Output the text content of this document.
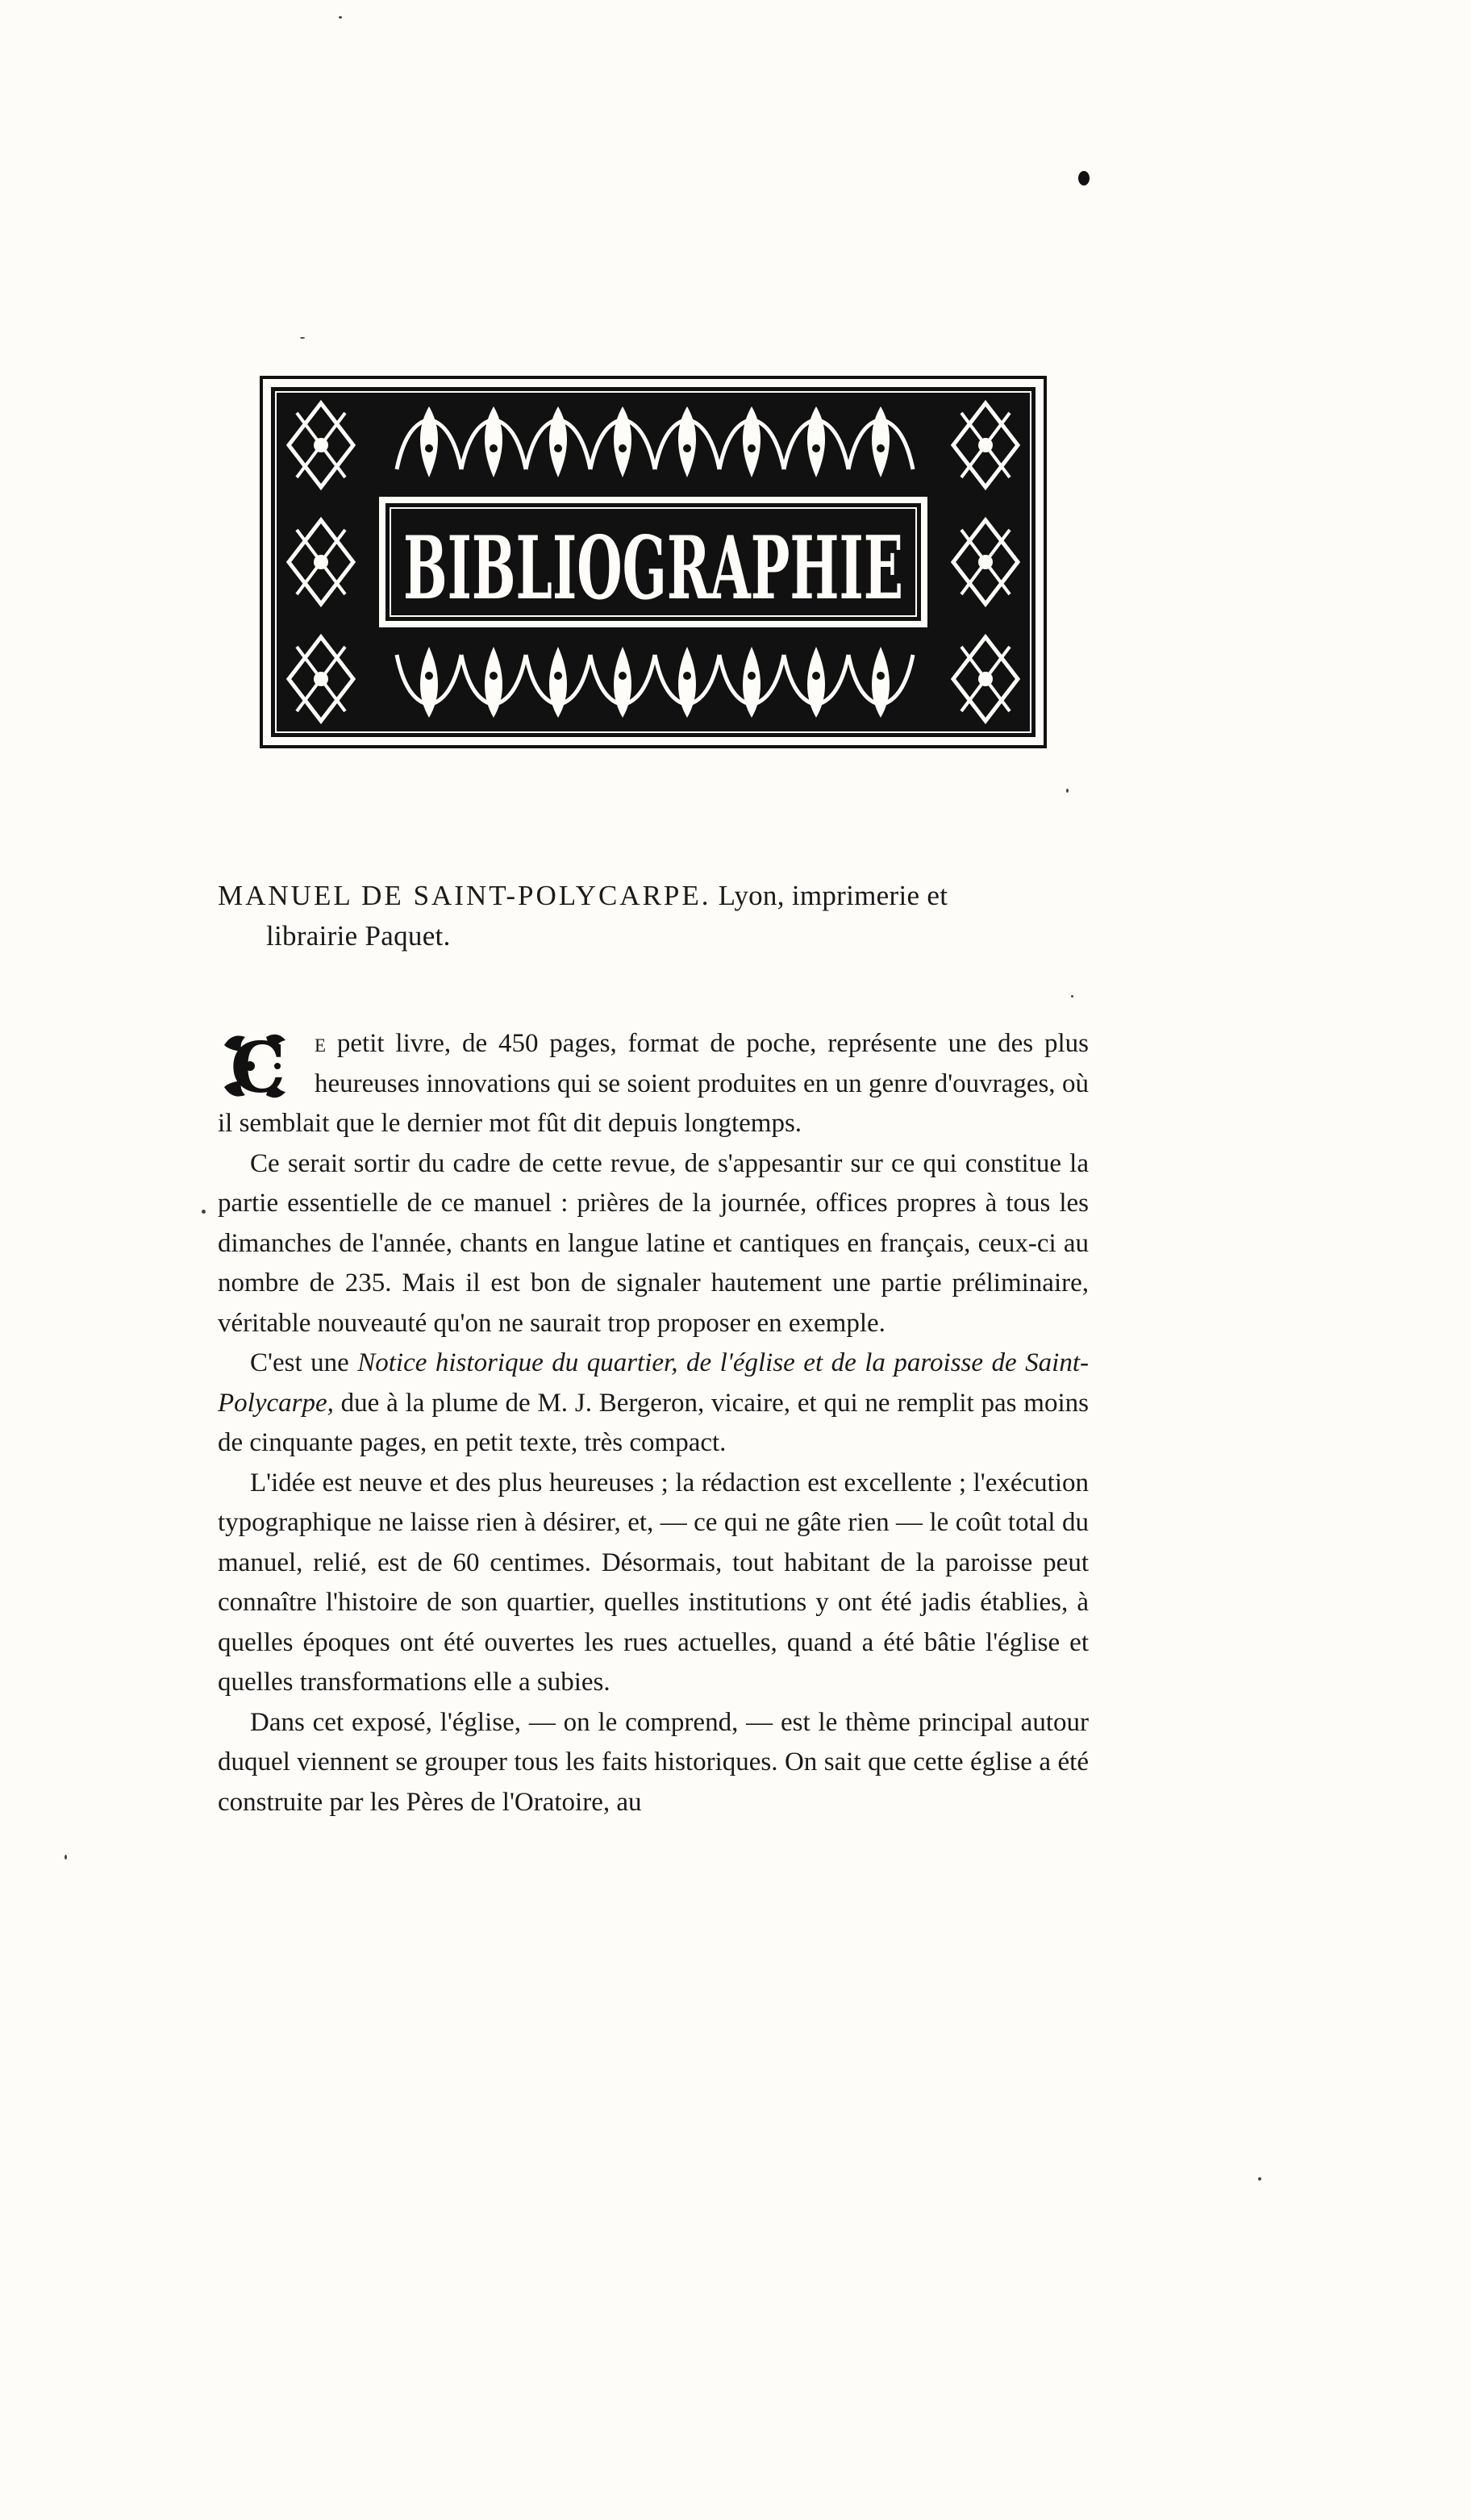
BIBLIOGRAPHIE
MANUEL DE SAINT-POLYCARPE. Lyon, imprimerie et
librairie Paquet.

C e petit livre, de 450 pages, format de poche, représente une des plus heureuses innovations qui se soient produites en un genre d'ouvrages, où il semblait que le dernier mot fût dit depuis longtemps.

Ce serait sortir du cadre de cette revue, de s'appesantir sur ce qui constitue la partie essentielle de ce manuel : prières de la journée, offices propres à tous les dimanches de l'année, chants en langue latine et cantiques en français, ceux-ci au nombre de 235. Mais il est bon de signaler hautement une partie préliminaire, véritable nouveauté qu'on ne saurait trop proposer en exemple.

C'est une Notice historique du quartier, de l'église et de la paroisse de Saint-Polycarpe, due à la plume de M. J. Bergeron, vicaire, et qui ne remplit pas moins de cinquante pages, en petit texte, très compact.

L'idée est neuve et des plus heureuses ; la rédaction est excellente ; l'exécution typographique ne laisse rien à désirer, et, — ce qui ne gâte rien — le coût total du manuel, relié, est de 60 centimes. Désormais, tout habitant de la paroisse peut connaître l'histoire de son quartier, quelles institutions y ont été jadis établies, à quelles époques ont été ouvertes les rues actuelles, quand a été bâtie l'église et quelles transformations elle a subies.

Dans cet exposé, l'église, — on le comprend, — est le thème principal autour duquel viennent se grouper tous les faits historiques. On sait que cette église a été construite par les Pères de l'Oratoire, au
